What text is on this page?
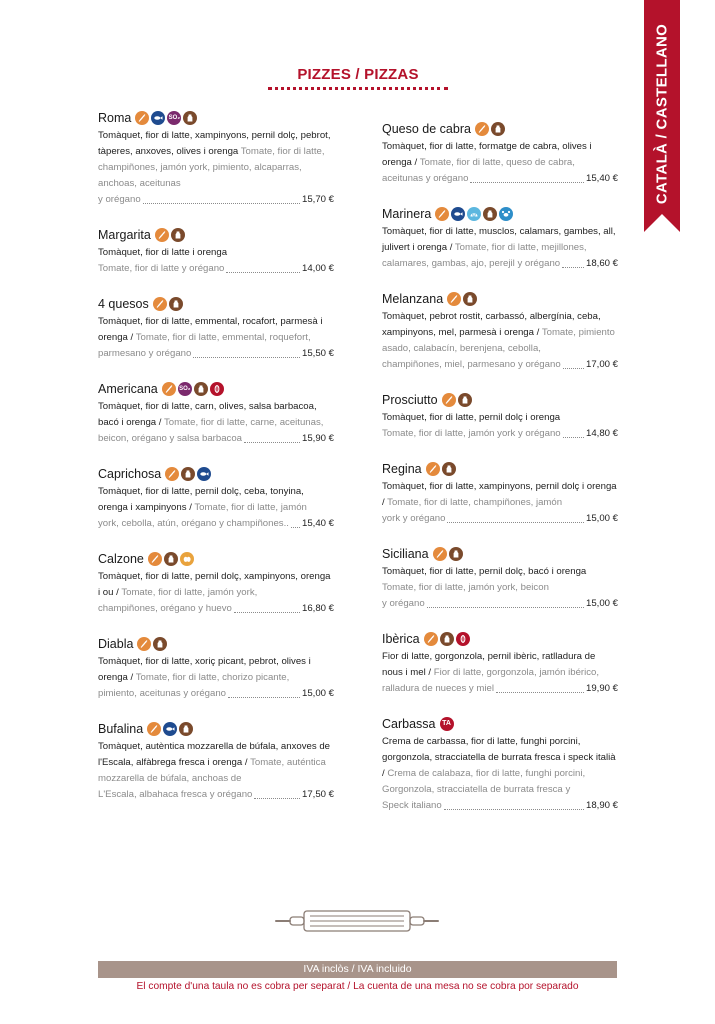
CATALÀ / CASTELLANO
PIZZES / PIZZAS
Roma	SO₂
Tomàquet, fior di latte, xampinyons, pernil dolç, pebrot, tàperes, anxoves, olives i orenga Tomate, fior di latte, champiñones, jamón york, pimiento, alcaparras, anchoas, aceitunas
y orégano	15,70 €
Margarita
Tomàquet, fior di latte i orenga
Tomate, fior di latte y orégano	14,00 €
4 quesos
Tomàquet, fior di latte, emmental, rocafort, parmesà i orenga / Tomate, fior di latte, emmental, roquefort,
parmesano y orégano	15,50 €
Americana	SO₂
Tomàquet, fior di latte, carn, olives, salsa barbacoa, bacó i orenga / Tomate, fior di latte, carne, aceitunas,
beicon, orégano y salsa barbacoa	15,90 €
Caprichosa
Tomàquet, fior di latte, pernil dolç, ceba, tonyina, orenga i xampinyons / Tomate, fior di latte, jamón
york, cebolla, atún, orégano y champiñones.. 15,40 €
Calzone
Tomàquet, fior di latte, pernil dolç, xampinyons, orenga i ou / Tomate, fior di latte, jamón york,
champiñones, orégano y huevo	16,80 €
Diabla
Tomàquet, fior di latte, xoriç picant, pebrot, olives i orenga / Tomate, fior di latte, chorizo picante,
pimiento, aceitunas y orégano	15,00 €
Bufalina
Tomàquet, autèntica mozzarella de búfala, anxoves de l'Escala, alfàbrega fresca i orenga / Tomate, auténtica mozzarella de búfala, anchoas de
L'Escala, albahaca fresca y orégano	17,50 €
Queso de cabra
Tomàquet, fior di latte, formatge de cabra, olives i orenga / Tomate, fior di latte, queso de cabra,
aceitunas y orégano	15,40 €
Marinera
Tomàquet, fior di latte, musclos, calamars, gambes, all, julivert i orenga / Tomate, fior di latte, mejillones,
calamares, gambas, ajo, perejil y orégano	18,60 €
Melanzana
Tomàquet, pebrot rostit, carbassó, albergínia, ceba, xampinyons, mel, parmesà i orenga / Tomate, pimiento asado, calabacín, berenjena, cebolla,
champiñones, miel, parmesano y orégano	17,00 €
Prosciutto
Tomàquet, fior di latte, pernil dolç i orenga
Tomate, fior di latte, jamón york y orégano	14,80 €
Regina
Tomàquet, fior di latte, xampinyons, pernil dolç i orenga / Tomate, fior di latte, champiñones, jamón
york y orégano	15,00 €
Siciliana
Tomàquet, fior di latte, pernil dolç, bacó i orenga Tomate, fior di latte, jamón york, beicon
y orégano	15,00 €
Ibèrica
Fior di latte, gorgonzola, pernil ibèric, ratlladura de nous i mel / Fior di latte, gorgonzola, jamón ibérico,
ralladura de nueces y miel	19,90 €
Carbassa TA
Crema de carbassa, fior di latte, funghi porcini, gorgonzola, stracciatella de burrata fresca i speck italià / Crema de calabaza, fior di latte, funghi porcini, Gorgonzola, stracciatella de burrata fresca y
Speck italiano	18,90 €
IVA inclòs / IVA incluido
El compte d'una taula no es cobra per separat / La cuenta de una mesa no se cobra por separado
